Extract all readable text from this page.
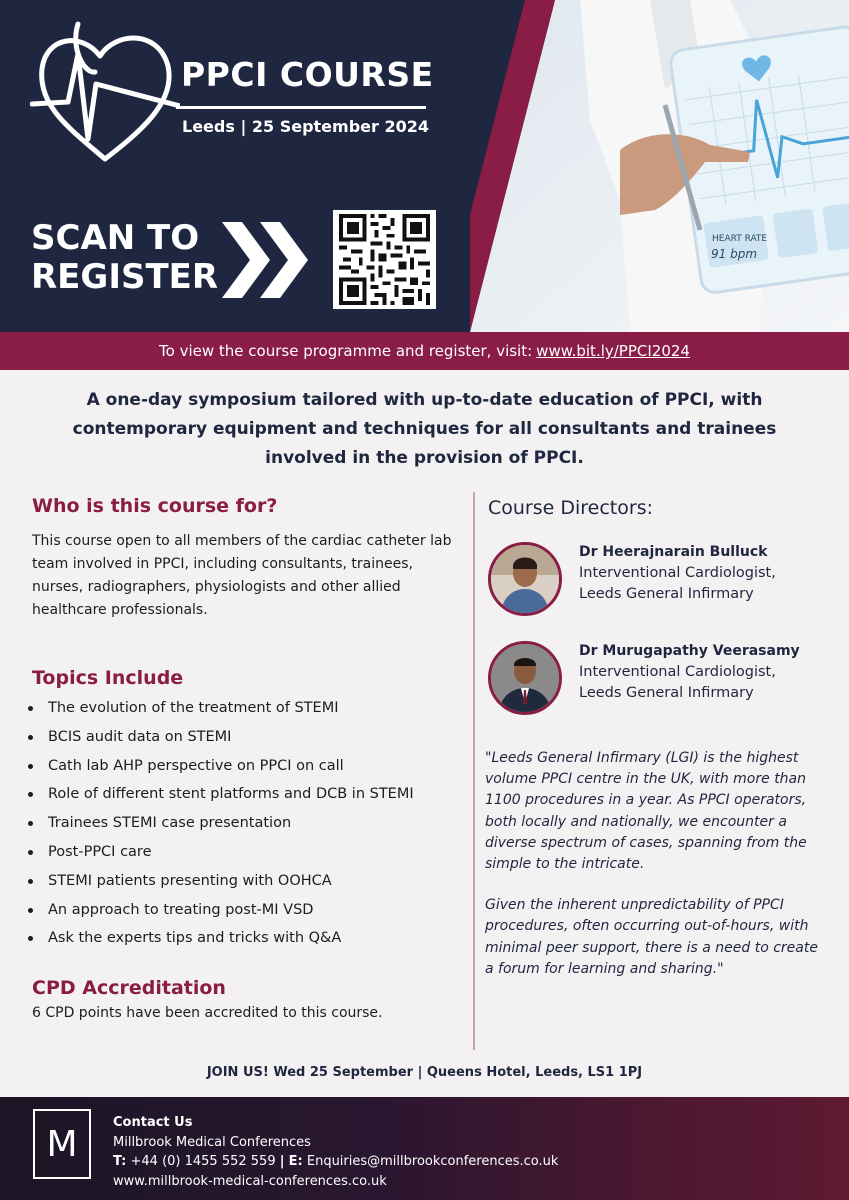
HEART RATE
91 bpm
PPCI COURSE
Leeds | 25 September 2024
SCAN TO
REGISTER
To view the course programme and register, visit: www.bit.ly/PPCI2024
A one-day symposium tailored with up-to-date education of PPCI, with contemporary equipment and techniques for all consultants and trainees involved in the provision of PPCI.
Who is this course for?
This course open to all members of the cardiac catheter lab team involved in PPCI, including consultants, trainees, nurses, radiographers, physiologists and other allied healthcare professionals.
Topics Include
The evolution of the treatment of STEMI
BCIS audit data on STEMI
Cath lab AHP perspective on PPCI on call
Role of different stent platforms and DCB in STEMI
Trainees STEMI case presentation
Post-PPCI care
STEMI patients presenting with OOHCA
An approach to treating post-MI VSD
Ask the experts tips and tricks with Q&A
CPD Accreditation
6 CPD points have been accredited to this course.
Course Directors:
Dr Heerajnarain Bulluck
Interventional Cardiologist,
Leeds General Infirmary
Dr Murugapathy Veerasamy
Interventional Cardiologist,
Leeds General Infirmary

"Leeds General Infirmary (LGI) is the highest volume PPCI centre in the UK, with more than 1100 procedures in a year. As PPCI operators, both locally and nationally, we encounter a diverse spectrum of cases, spanning from the simple to the intricate.

Given the inherent unpredictability of PPCI procedures, often occurring out-of-hours, with minimal peer support, there is a need to create a forum for learning and sharing."

JOIN US! Wed 25 September | Queens Hotel, Leeds, LS1 1PJ
M
Contact Us
Millbrook Medical Conferences
T: +44 (0) 1455 552 559 | E: Enquiries@millbrookconferences.co.uk
www.millbrook-medical-conferences.co.uk
